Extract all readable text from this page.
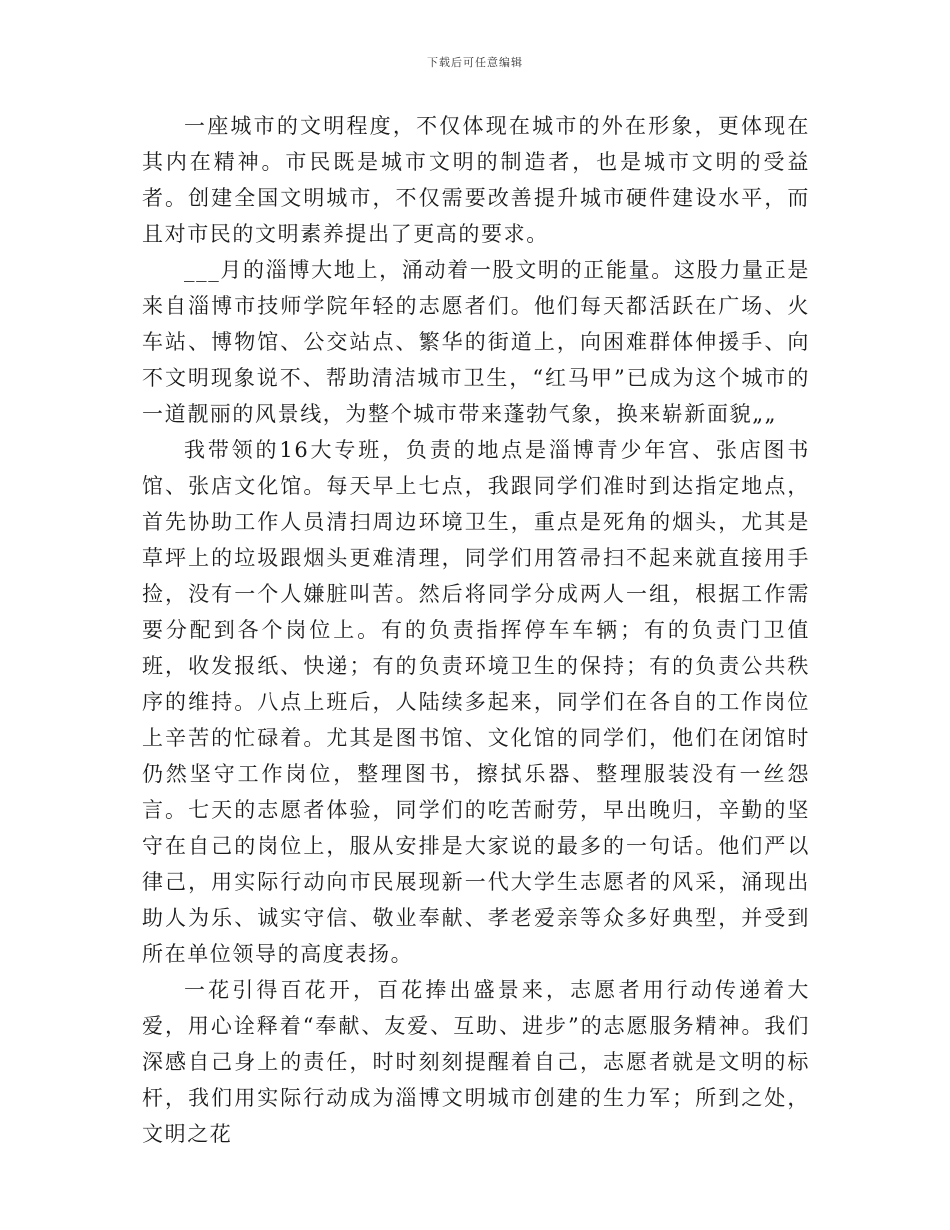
下载后可任意编辑

一座城市的文明程度，不仅体现在城市的外在形象，更体现在其内在精神。市民既是城市文明的制造者，也是城市文明的受益者。创建全国文明城市，不仅需要改善提升城市硬件建设水平，而且对市民的文明素养提出了更高的要求。

___月的淄博大地上，涌动着一股文明的正能量。这股力量正是来自淄博市技师学院年轻的志愿者们。他们每天都活跃在广场、火车站、博物馆、公交站点、繁华的街道上，向困难群体伸援手、向不文明现象说不、帮助清洁城市卫生，“红马甲”已成为这个城市的一道靓丽的风景线，为整个城市带来蓬勃气象，换来崭新面貌„„

我带领的16大专班，负责的地点是淄博青少年宫、张店图书馆、张店文化馆。每天早上七点，我跟同学们准时到达指定地点，首先协助工作人员清扫周边环境卫生，重点是死角的烟头，尤其是草坪上的垃圾跟烟头更难清理，同学们用笤帚扫不起来就直接用手捡，没有一个人嫌脏叫苦。然后将同学分成两人一组，根据工作需要分配到各个岗位上。有的负责指挥停车车辆；有的负责门卫值班，收发报纸、快递；有的负责环境卫生的保持；有的负责公共秩序的维持。八点上班后，人陆续多起来，同学们在各自的工作岗位上辛苦的忙碌着。尤其是图书馆、文化馆的同学们，他们在闭馆时仍然坚守工作岗位，整理图书，擦拭乐器、整理服装没有一丝怨言。七天的志愿者体验，同学们的吃苦耐劳，早出晚归，辛勤的坚守在自己的岗位上，服从安排是大家说的最多的一句话。他们严以律己，用实际行动向市民展现新一代大学生志愿者的风采，涌现出助人为乐、诚实守信、敬业奉献、孝老爱亲等众多好典型，并受到所在单位领导的高度表扬。

一花引得百花开，百花捧出盛景来，志愿者用行动传递着大爱，用心诠释着“奉献、友爱、互助、进步”的志愿服务精神。我们深感自己身上的责任，时时刻刻提醒着自己，志愿者就是文明的标杆，我们用实际行动成为淄博文明城市创建的生力军；所到之处，文明之花
